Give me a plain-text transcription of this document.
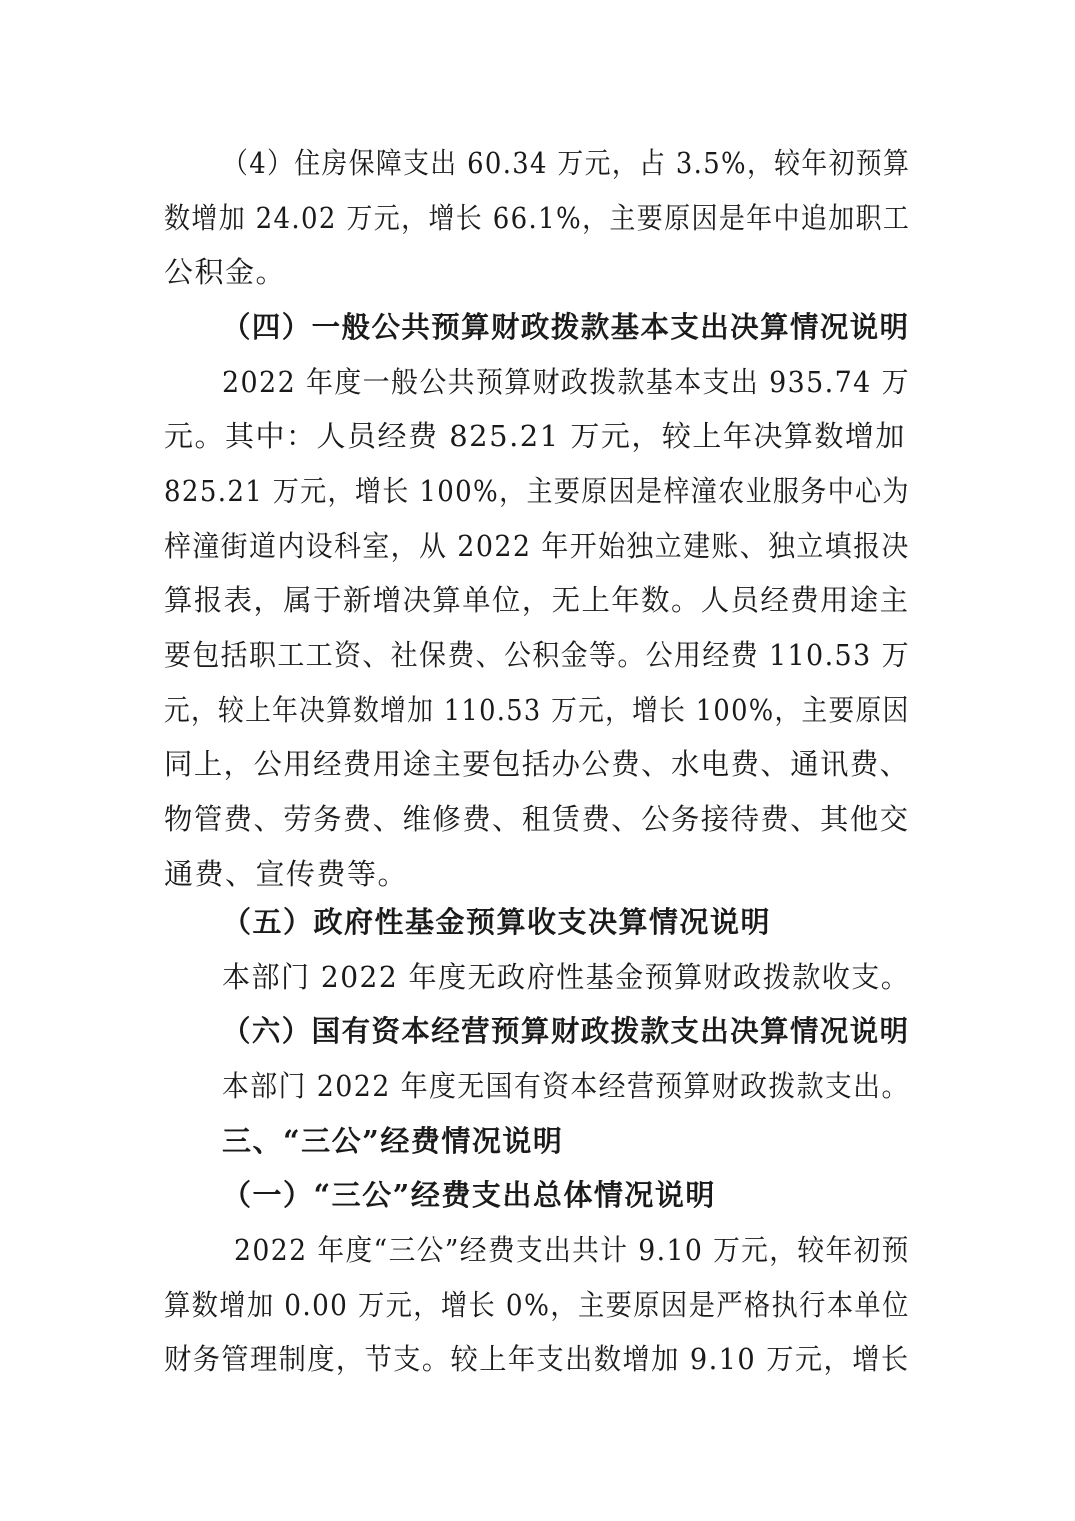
（4）住房保障支出 60.34 万元，占 3.5%，较年初预算
数增加 24.02 万元，增长 66.1%，主要原因是年中追加职工
公积金。
（四）一般公共预算财政拨款基本支出决算情况说明
2022 年度一般公共预算财政拨款基本支出 935.74 万
元。其中：人员经费 825.21 万元，较上年决算数增加
825.21 万元，增长 100%，主要原因是梓潼农业服务中心为
梓潼街道内设科室，从 2022 年开始独立建账、独立填报决
算报表，属于新增决算单位，无上年数。人员经费用途主
要包括职工工资、社保费、公积金等。公用经费 110.53 万
元，较上年决算数增加 110.53 万元，增长 100%，主要原因
同上，公用经费用途主要包括办公费、水电费、通讯费、
物管费、劳务费、维修费、租赁费、公务接待费、其他交
通费、宣传费等。
（五）政府性基金预算收支决算情况说明
本部门 2022 年度无政府性基金预算财政拨款收支。
（六）国有资本经营预算财政拨款支出决算情况说明
本部门 2022 年度无国有资本经营预算财政拨款支出。
三、“三公”经费情况说明
（一）“三公”经费支出总体情况说明
2022 年度“三公”经费支出共计 9.10 万元，较年初预
算数增加 0.00 万元，增长 0%，主要原因是严格执行本单位
财务管理制度，节支。较上年支出数增加 9.10 万元，增长
